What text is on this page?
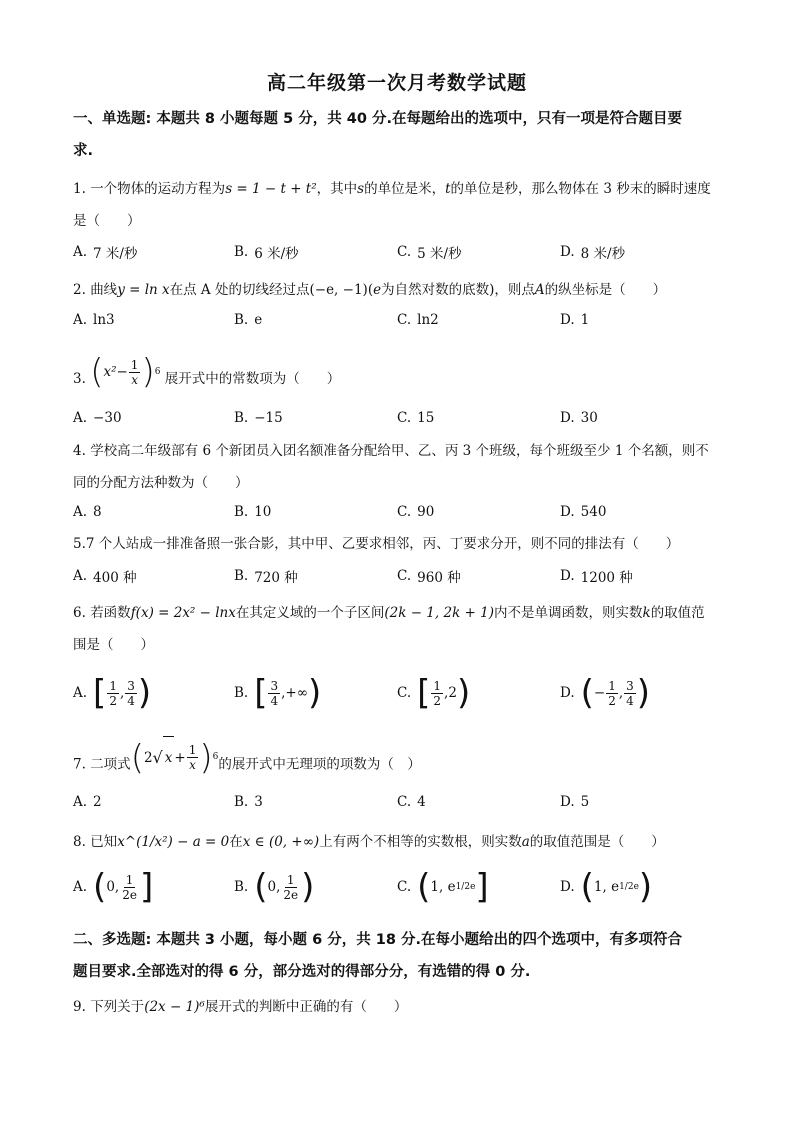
高二年级第一次月考数学试题
一、单选题: 本题共 8 小题每题 5 分，共 40 分.在每题给出的选项中，只有一项是符合题目要
求.
1. 一个物体的运动方程为s = 1 − t + t²，其中s的单位是米，t的单位是秒，那么物体在 3 秒末的瞬时速度
是（　　）
A. 7 米/秒	B. 6 米/秒	C. 5 米/秒	D. 8 米/秒
2. 曲线y = ln x在点 A 处的切线经过点(−e, −1)(e为自然对数的底数)，则点A的纵坐标是（　　）
A. ln3	B. e	C. ln2	D. 1
3. ( $x^2 - \frac{1}{x}$ ) 6 展开式中的常数项为（　　）
A. −30	B. −15	C. 15	D. 30
4. 学校高二年级部有 6 个新团员入团名额准备分配给甲、乙、丙 3 个班级，每个班级至少 1 个名额，则不
同的分配方法种数为（　　）
A. 8	B. 10	C. 90	D. 540
5.7 个人站成一排准备照一张合影，其中甲、乙要求相邻，丙、丁要求分开，则不同的排法有（　　）
A. 400 种	B. 720 种	C. 960 种	D. 1200 种
6. 若函数f(x) = 2x² − lnx在其定义域的一个子区间(2k − 1, 2k + 1)内不是单调函数，则实数k的取值范
围是（　　）
A. [ $\frac{1}{2}$ , $\frac{3}{4}$ )	B. [ $\frac{3}{4}$ ,+∞ )	C. [ $\frac{1}{2} ,2$ )	D. ( − $\frac{1}{2}$ , $\frac{3}{4}$ )
7. 二项式 ( 2 √ $x + \frac{1}{x}$ ) 6 的展开式中无理项的项数为（　）
A. 2	B. 3	C. 4	D. 5
8. 已知x^(1/x²) − a = 0在x ∈ (0, +∞)上有两个不相等的实数根，则实数a的取值范围是（　　）
A. ( 0, $\frac{1}{2e}$ ]	B. ( 0, $\frac{1}{2e}$ )	C. ( 1, e 1/2e ]	D. ( 1, e 1/2e )
二、多选题: 本题共 3 小题，每小题 6 分，共 18 分.在每小题给出的四个选项中，有多项符合
题目要求.全部选对的得 6 分，部分选对的得部分分，有选错的得 0 分.
9. 下列关于(2x − 1)⁶展开式的判断中正确的有（　　）
